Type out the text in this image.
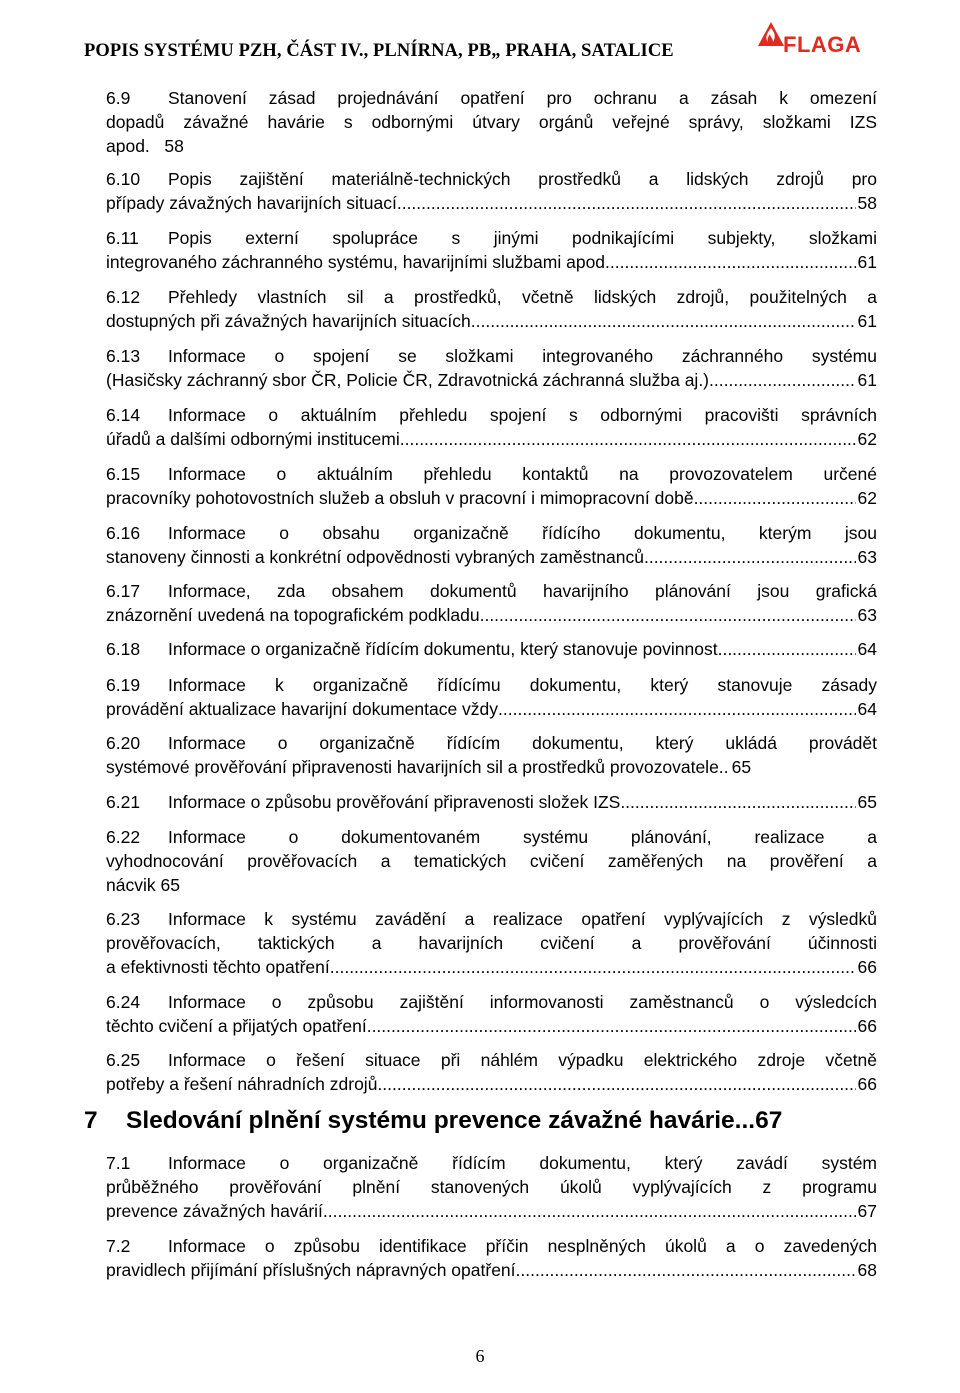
POPIS SYSTÉMU PZH, ČÁST IV., PLNÍRNA, PB„ PRAHA, SATALICE	FLAGA
6.9 Stanovení zásad projednávání opatření pro ochranu a zásah k omezení
dopadů závažné havárie s odbornými útvary orgánů veřejné správy, složkami IZS
apod. 58
6.10 Popis zajištění materiálně-technických prostředků a lidských zdrojů pro
případy závažných havarijních situací .....	58
6.11 Popis externí spolupráce s jinými podnikajícími subjekty, složkami
integrovaného záchranného systému, havarijními službami apod. .....	61
6.12 Přehledy vlastních sil a prostředků, včetně lidských zdrojů, použitelných a
dostupných při závažných havarijních situacích .....	61
6.13 Informace o spojení se složkami integrovaného záchranného systému
(Hasičsky záchranný sbor ČR, Policie ČR, Zdravotnická záchranná služba aj.) .....	61
6.14 Informace o aktuálním přehledu spojení s odbornými pracovišti správních
úřadů a dalšími odbornými institucemi .....	62
6.15 Informace o aktuálním přehledu kontaktů na provozovatelem určené
pracovníky pohotovostních služeb a obsluh v pracovní i mimopracovní době .....	62
6.16 Informace o obsahu organizačně řídícího dokumentu, kterým jsou
stanoveny činnosti a konkrétní odpovědnosti vybraných zaměstnanců .....	63
6.17 Informace, zda obsahem dokumentů havarijního plánování jsou grafická
znázornění uvedená na topografickém podkladu .....	63
6.18 Informace o organizačně řídícím dokumentu, který stanovuje povinnost .....	64
6.19 Informace k organizačně řídícímu dokumentu, který stanovuje zásady
provádění aktualizace havarijní dokumentace vždy .....	64
6.20 Informace o organizačně řídícím dokumentu, který ukládá provádět
systémové prověřování připravenosti havarijních sil a prostředků provozovatele. ..... 65
6.21 Informace o způsobu prověřování připravenosti složek IZS .....	65
6.22 Informace o dokumentovaném systému plánování, realizace a
vyhodnocování prověřovacích a tematických cvičení zaměřených na prověření a
nácvik 65
6.23 Informace k systému zavádění a realizace opatření vyplývajících z výsledků
prověřovacích, taktických a havarijních cvičení a prověřování účinnosti
a efektivnosti těchto opatření .....	66
6.24 Informace o způsobu zajištění informovanosti zaměstnanců o výsledcích
těchto cvičení a přijatých opatření .....	66
6.25 Informace o řešení situace při náhlém výpadku elektrického zdroje včetně
potřeby a řešení náhradních zdrojů .....	66
7 Sledování plnění systému prevence závažné havárie...67
7.1 Informace o organizačně řídícím dokumentu, který zavádí systém
průběžného prověřování plnění stanovených úkolů vyplývajících z programu
prevence závažných havárií .....	67
7.2 Informace o způsobu identifikace příčin nesplněných úkolů a o zavedených
pravidlech přijímání příslušných nápravných opatření .....	68
6
